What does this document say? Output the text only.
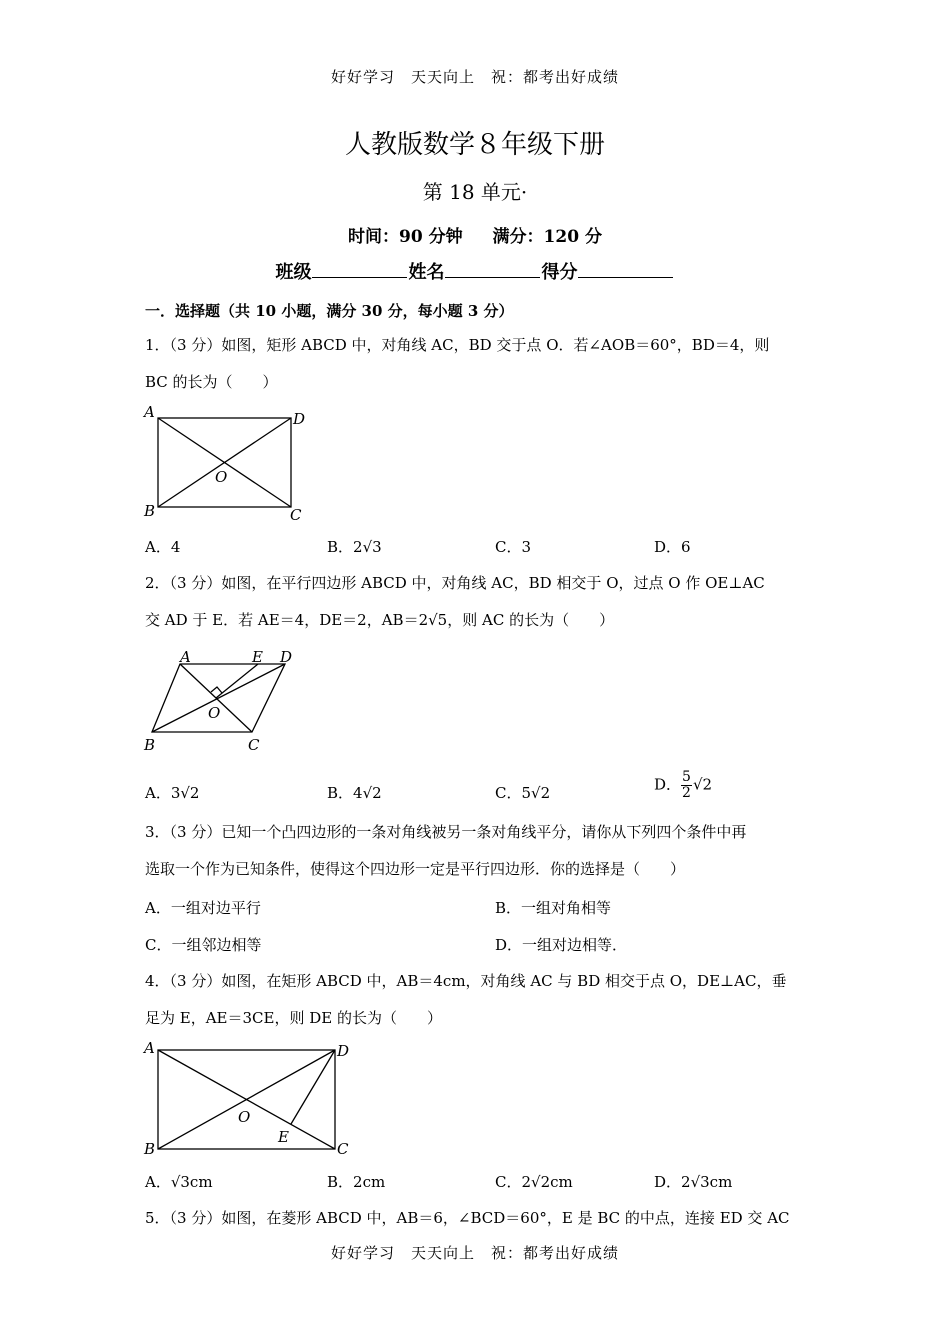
好好学习　天天向上　祝：都考出好成绩
人教版数学８年级下册
第 18 单元·
时间：90 分钟 满分：120 分
班级	姓名	得分
一．选择题（共 10 小题，满分 30 分，每小题 3 分）
1．（3 分）如图，矩形 ABCD 中，对角线 AC，BD 交于点 O．若∠AOB＝60°，BD＝4，则
BC 的长为（　　）
A	D
O
B	C
A．4	B．2√3	C．3	D．6
2．（3 分）如图，在平行四边形 ABCD 中，对角线 AC，BD 相交于 O，过点 O 作 OE⊥AC
交 AD 于 E．若 AE＝4，DE＝2，AB＝2√5，则 AC 的长为（　　）
A	E D
O
B	C
A．3√2	B．4√2	C．5√2	D． $\frac{5}{2} √2$
3．（3 分）已知一个凸四边形的一条对角线被另一条对角线平分，请你从下列四个条件中再
选取一个作为已知条件，使得这个四边形一定是平行四边形．你的选择是（　　）
A．一组对边平行	B．一组对角相等
C．一组邻边相等	D．一组对边相等．
4．（3 分）如图，在矩形 ABCD 中，AB＝4cm，对角线 AC 与 BD 相交于点 O，DE⊥AC，垂
足为 E，AE＝3CE，则 DE 的长为（　　）
A	D
O
E
B	C
A．√3cm	B．2cm	C．2√2cm	D．2√3cm
5．（3 分）如图，在菱形 ABCD 中，AB＝6，∠BCD＝60°，E 是 BC 的中点，连接 ED 交 AC
好好学习　天天向上　祝：都考出好成绩
